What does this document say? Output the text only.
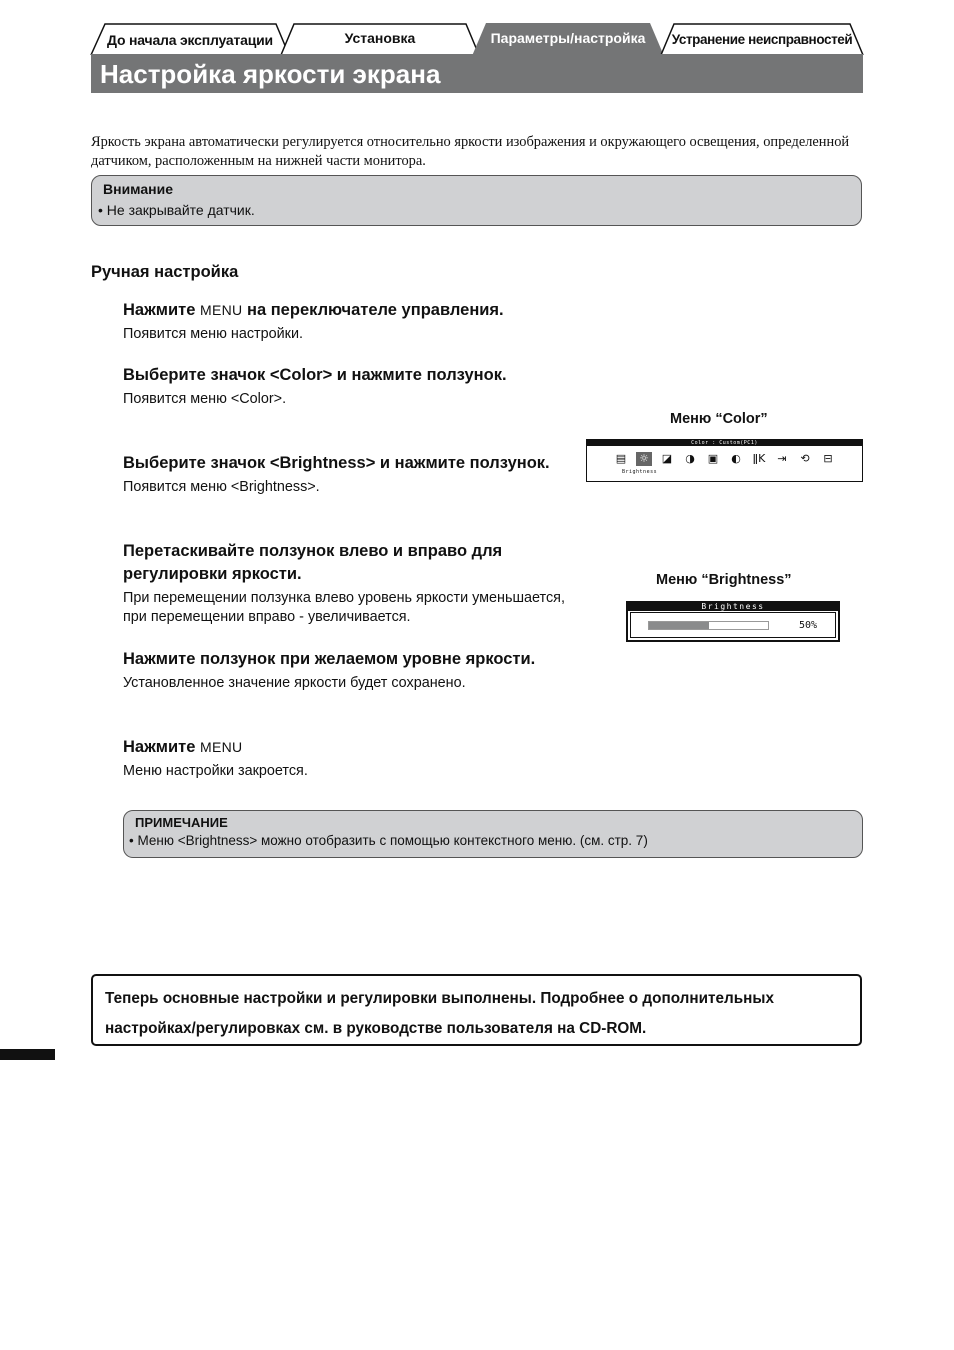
До начала эксплуатации	Установка	Параметры/настройка Устранение неисправностей
Настройка яркости экрана
Яркость экрана автоматически регулируется относительно яркости изображения и окружающего освещения, определенной датчиком, расположенным на нижней части монитора.
Внимание
• Не закрывайте датчик.
Ручная настройка
Нажмите MENU на переключателе управления.
Появится меню настройки.
Выберите значок <Color> и нажмите ползунок.
Появится меню <Color>.
Выберите значок <Brightness> и нажмите ползунок.
Появится меню <Brightness>.
Перетаскивайте ползунок влево и вправо для регулировки яркости.
При перемещении ползунка влево уровень яркости уменьшается, при перемещении вправо - увеличивается.
Нажмите ползунок при желаемом уровне яркости.
Установленное значение яркости будет сохранено.
Нажмите MENU
Меню настройки закроется.
Меню “Color”
Color : Custom(PC1)
▤ ☼ ◪ ◑ ▣ ◐ ǁK	⇥	⟲	⊟
Brightness
Меню “Brightness”
Brightness
50%
ПРИМЕЧАНИЕ
• Меню <Brightness> можно отобразить с помощью контекстного меню. (см. стр. 7)
Теперь основные настройки и регулировки выполнены. Подробнее о дополнительных
настройках/регулировках см. в руководстве пользователя на CD-ROM.
